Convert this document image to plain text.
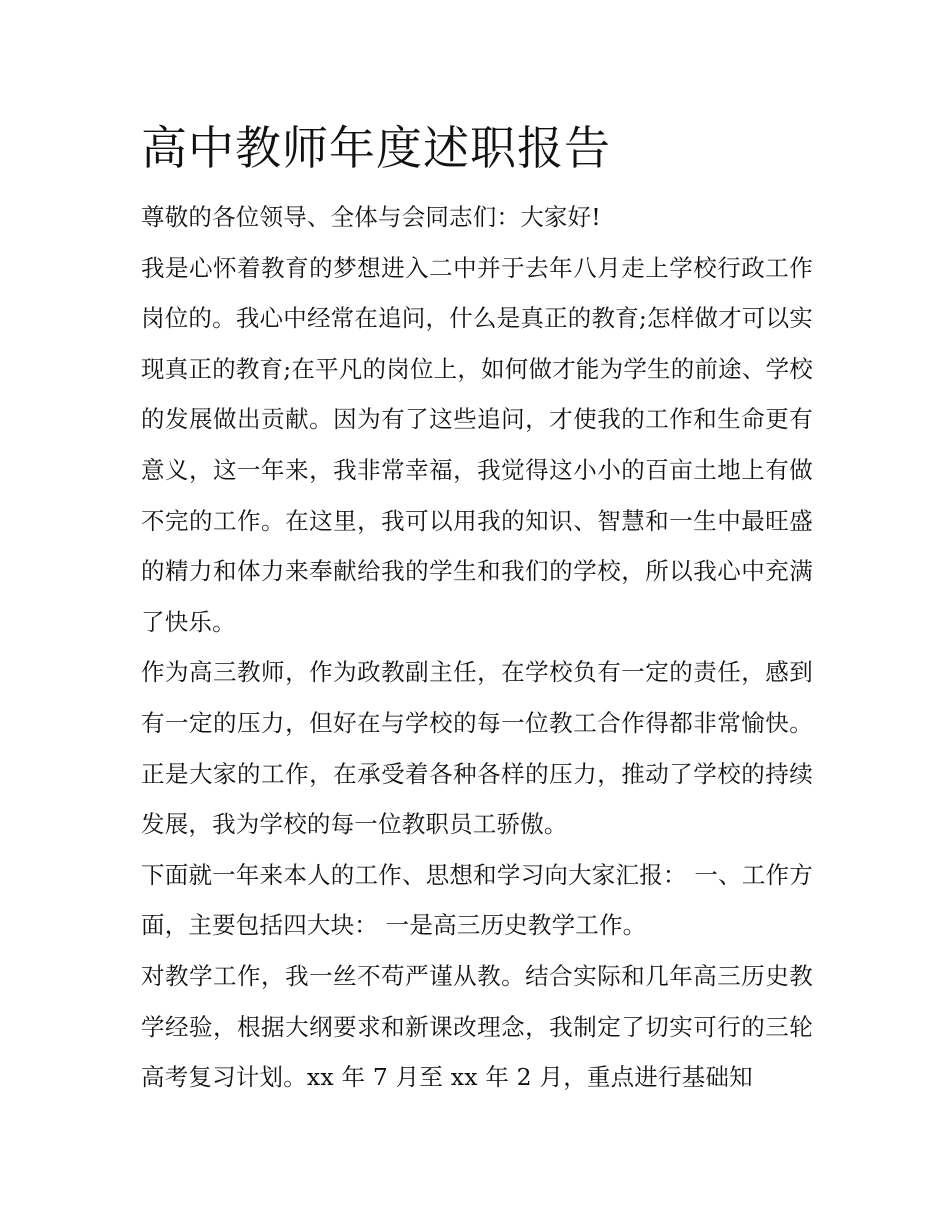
高中教师年度述职报告

尊敬的各位领导、全体与会同志们：大家好!

我是心怀着教育的梦想进入二中并于去年八月走上学校行政工作岗位的。我心中经常在追问，什么是真正的教育;怎样做才可以实现真正的教育;在平凡的岗位上，如何做才能为学生的前途、学校的发展做出贡献。因为有了这些追问，才使我的工作和生命更有意义，这一年来，我非常幸福，我觉得这小小的百亩土地上有做不完的工作。在这里，我可以用我的知识、智慧和一生中最旺盛的精力和体力来奉献给我的学生和我们的学校，所以我心中充满了快乐。

作为高三教师，作为政教副主任，在学校负有一定的责任，感到有一定的压力，但好在与学校的每一位教工合作得都非常愉快。正是大家的工作，在承受着各种各样的压力，推动了学校的持续发展，我为学校的每一位教职员工骄傲。

下面就一年来本人的工作、思想和学习向大家汇报： 一、工作方面，主要包括四大块： 一是高三历史教学工作。

对教学工作，我一丝不苟严谨从教。结合实际和几年高三历史教学经验，根据大纲要求和新课改理念，我制定了切实可行的三轮高考复习计划。xx 年 7 月至 xx 年 2 月，重点进行基础知
